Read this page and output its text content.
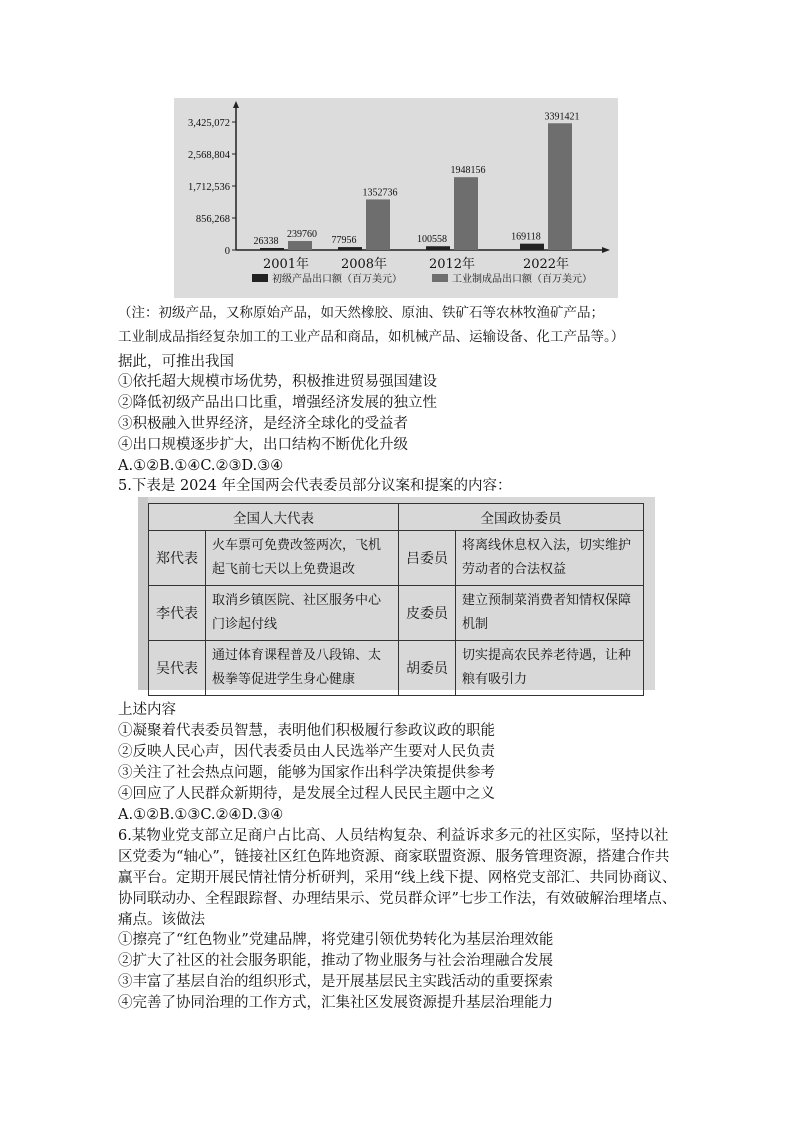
0
856,268
1,712,536
2,568,804
3,425,072
26338
239760
2001年
77956
1352736
2008年
100558
1948156
2012年
169118
3391421
2022年
初级产品出口额（百万美元）	工业制成品出口额（百万美元）
（注：初级产品，又称原始产品，如天然橡胶、原油、铁矿石等农林牧渔矿产品；
工业制成品指经复杂加工的工业产品和商品，如机械产品、运输设备、化工产品等。）
据此，可推出我国
①依托超大规模市场优势，积极推进贸易强国建设
②降低初级产品出口比重，增强经济发展的独立性
③积极融入世界经济，是经济全球化的受益者
④出口规模逐步扩大，出口结构不断优化升级
A.①②B.①④C.②③D.③④
5.下表是 2024 年全国两会代表委员部分议案和提案的内容：
全国人大代表		全国政协委员	
郑代表	火车票可免费改签两次，飞机起飞前七天以上免费退改	吕委员	将离线休息权入法，切实维护劳动者的合法权益
李代表	取消乡镇医院、社区服务中心门诊起付线	皮委员	建立预制菜消费者知情权保障机制
吴代表	通过体育课程普及八段锦、太极拳等促进学生身心健康	胡委员	切实提高农民养老待遇，让种粮有吸引力
上述内容
①凝聚着代表委员智慧，表明他们积极履行参政议政的职能
②反映人民心声，因代表委员由人民选举产生要对人民负责
③关注了社会热点问题，能够为国家作出科学决策提供参考
④回应了人民群众新期待，是发展全过程人民民主题中之义
A.①②B.①③C.②④D.③④
6.某物业党支部立足商户占比高、人员结构复杂、利益诉求多元的社区实际，坚持以社区党委为“轴心”，链接社区红色阵地资源、商家联盟资源、服务管理资源，搭建合作共赢平台。定期开展民情社情分析研判，采用“线上线下提、网格党支部汇、共同协商议、协同联动办、全程跟踪督、办理结果示、党员群众评”七步工作法，有效破解治理堵点、痛点。该做法
①擦亮了“红色物业”党建品牌，将党建引领优势转化为基层治理效能
②扩大了社区的社会服务职能，推动了物业服务与社会治理融合发展
③丰富了基层自治的组织形式，是开展基层民主实践活动的重要探索
④完善了协同治理的工作方式，汇集社区发展资源提升基层治理能力
